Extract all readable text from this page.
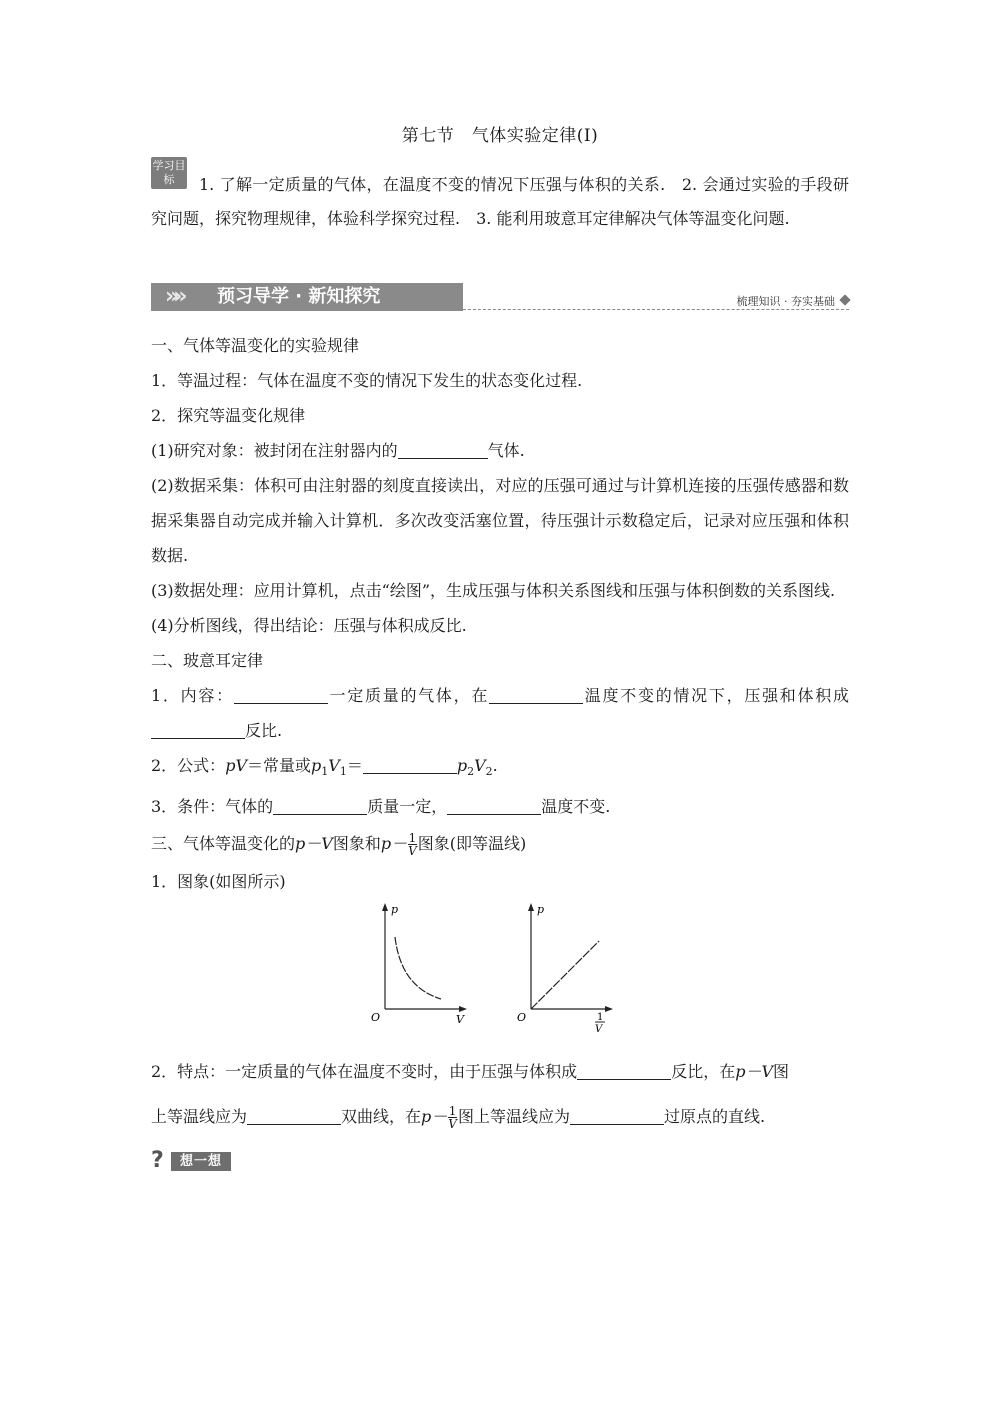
第七节　气体实验定律(Ⅰ)
学习目标	1. 了解一定质量的气体，在温度不变的情况下压强与体积的关系.　2. 会通过实验的手段研究问题，探究物理规律，体验科学探究过程.　3. 能利用玻意耳定律解决气体等温变化问题.
»» 预习导学 · 新知探究	梳理知识 · 夯实基础
一、气体等温变化的实验规律
1．等温过程：气体在温度不变的情况下发生的状态变化过程.
2．探究等温变化规律
(1)研究对象：被封闭在注射器内的	气体.
(2)数据采集：体积可由注射器的刻度直接读出，对应的压强可通过与计算机连接的压强传感器和数据采集器自动完成并输入计算机．多次改变活塞位置，待压强计示数稳定后，记录对应压强和体积数据.
(3)数据处理：应用计算机，点击“绘图”，生成压强与体积关系图线和压强与体积倒数的关系图线.
(4)分析图线，得出结论：压强与体积成反比.
二、玻意耳定律
1．内容：	一定质量的气体，在	温度不变的情况下，压强和体积成反比.
2．公式：pV＝常量或$p_1V_1=$	$p_2V_2$.
3．条件：气体的	质量一定，	温度不变.
三、气体等温变化的p－V图象和$p- \frac{1}{V}$ 图象(即等温线)
1．图象(如图所示)
p
V
O
p
O	1
V
2．特点：一定质量的气体在温度不变时，由于压强与体积成	反比，在p－V图
上等温线应为	双曲线，在$p- \frac{1}{V}$ 图上等温线应为	过原点的直线.
?	想一想
